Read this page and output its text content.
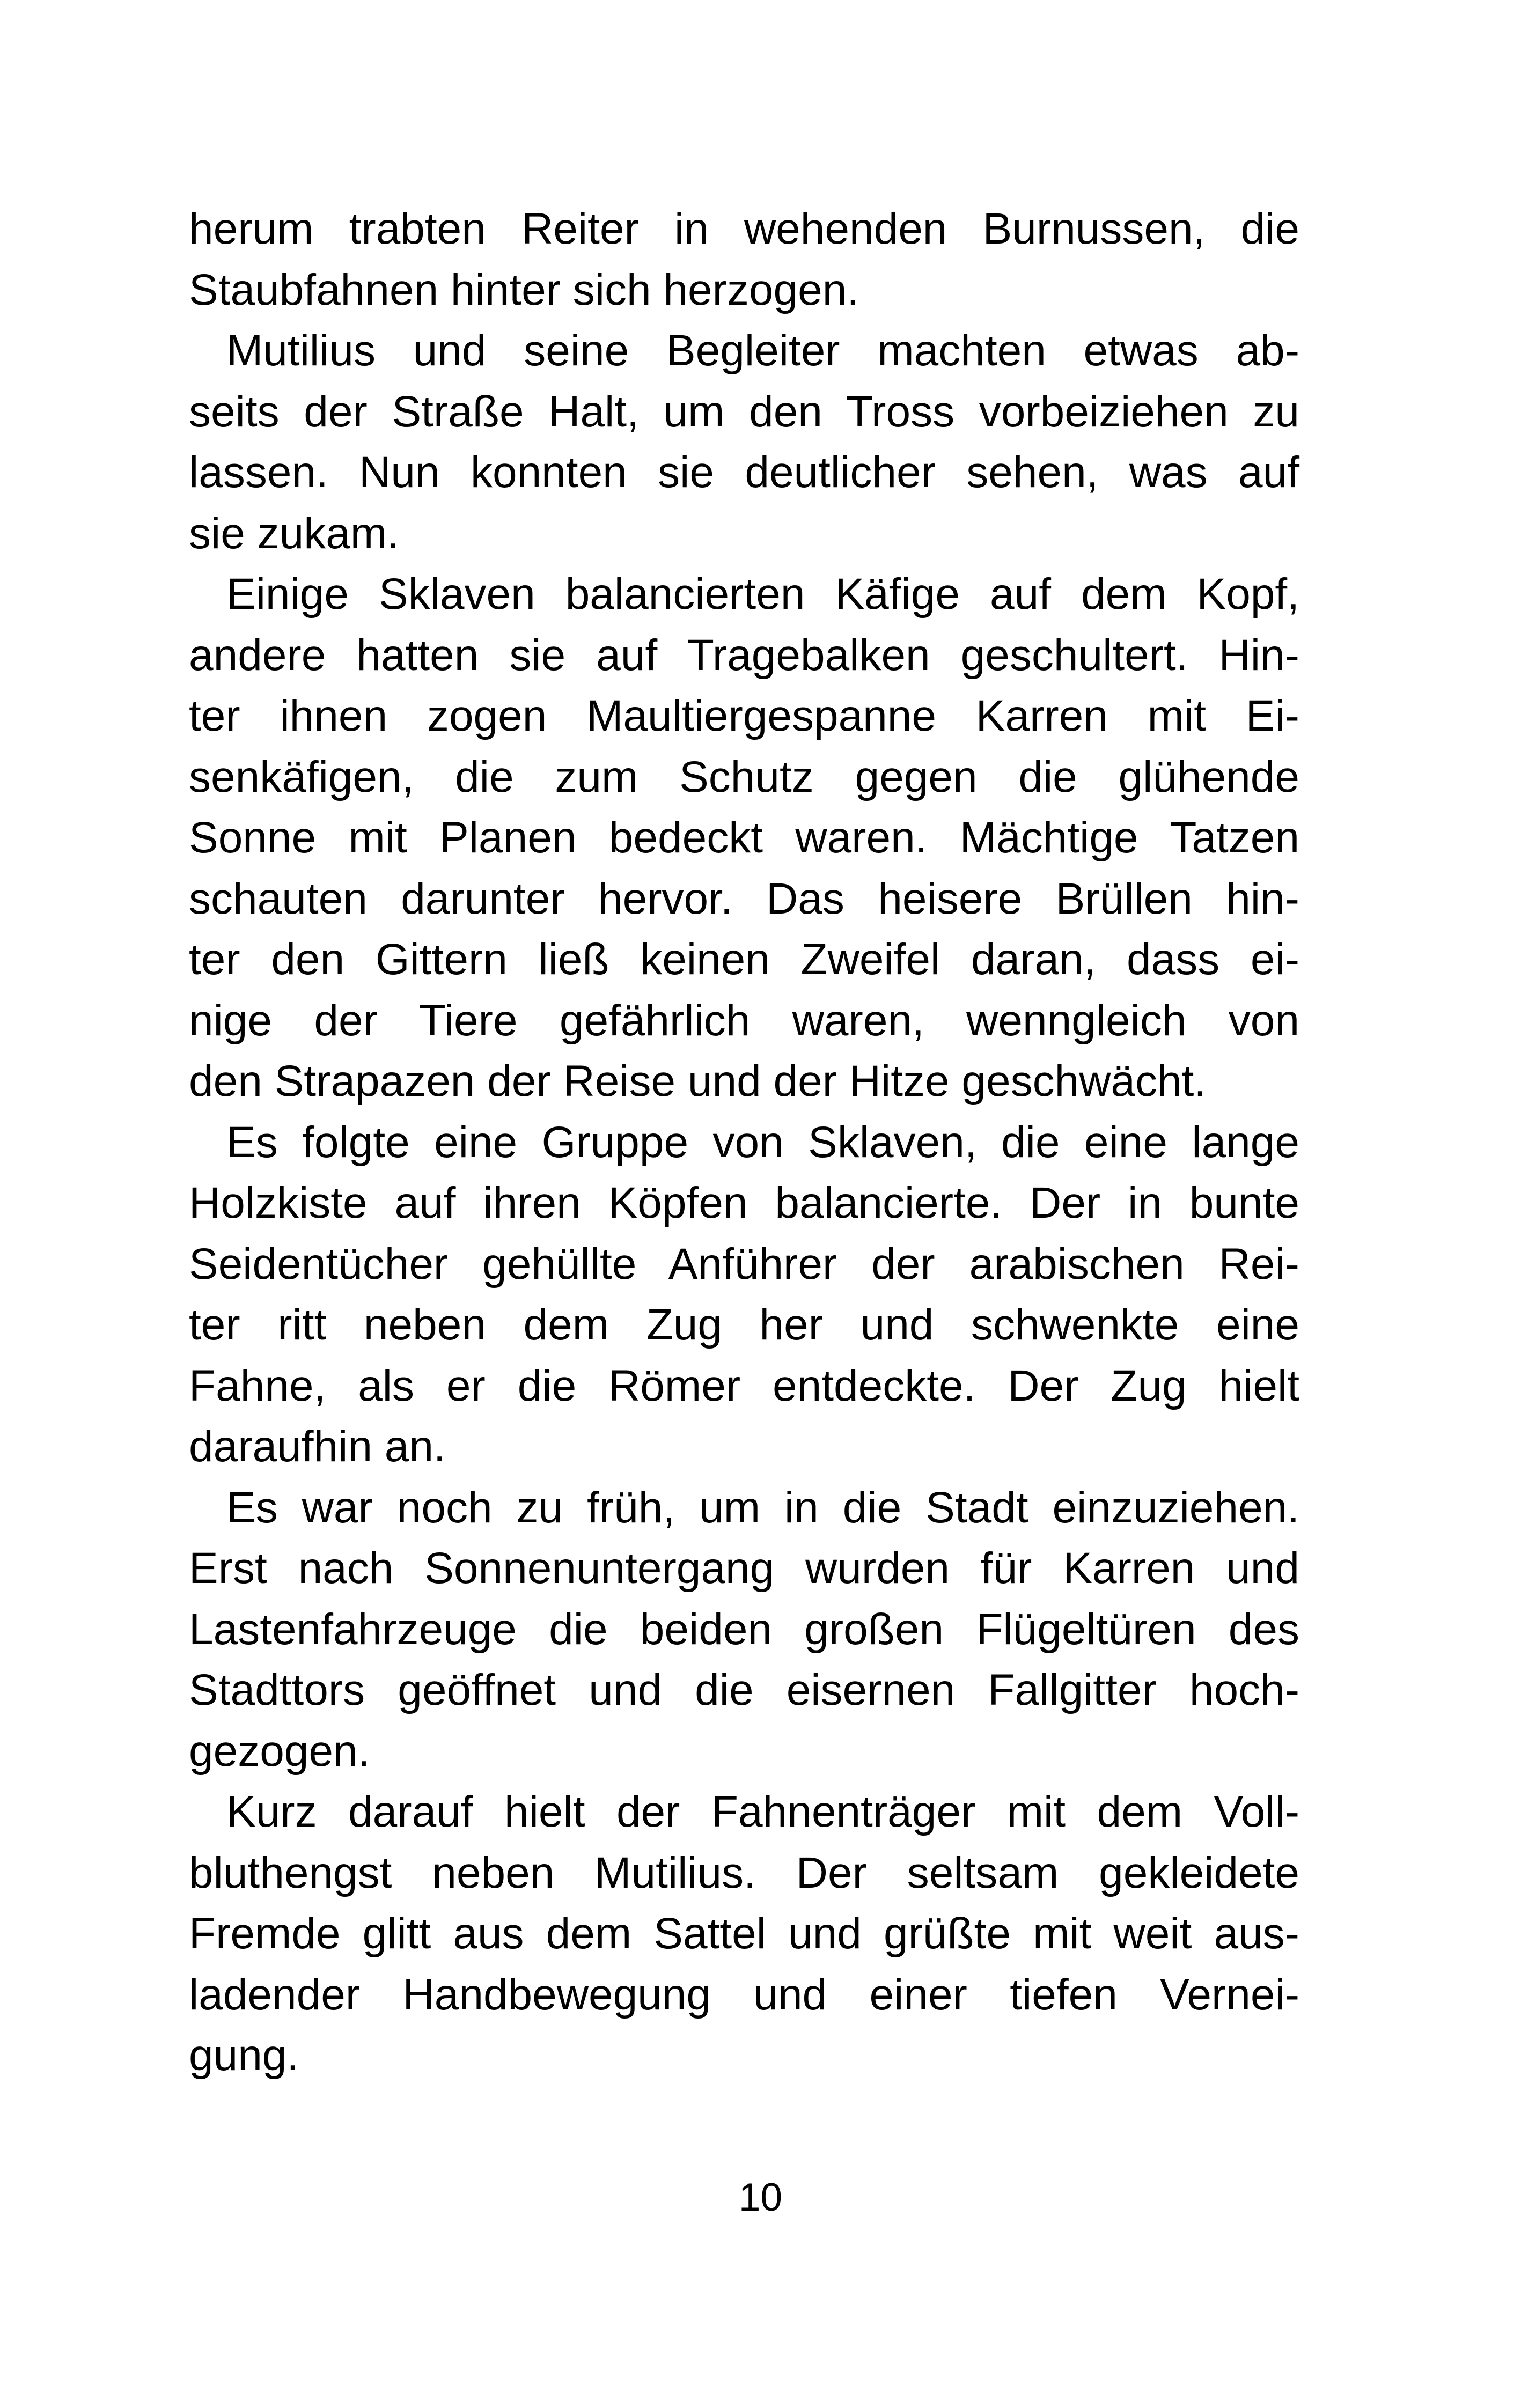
herum trabten Reiter in wehenden Burnussen, die
Staubfahnen hinter sich herzogen.
Mutilius und seine Begleiter machten etwas ab-
seits der Straße Halt, um den Tross vorbeiziehen zu
lassen. Nun konnten sie deutlicher sehen, was auf
sie zukam.
Einige Sklaven balancierten Käfige auf dem Kopf,
andere hatten sie auf Tragebalken geschultert. Hin-
ter ihnen zogen Maultiergespanne Karren mit Ei-
senkäfigen, die zum Schutz gegen die glühende
Sonne mit Planen bedeckt waren. Mächtige Tatzen
schauten darunter hervor. Das heisere Brüllen hin-
ter den Gittern ließ keinen Zweifel daran, dass ei-
nige der Tiere gefährlich waren, wenngleich von
den Strapazen der Reise und der Hitze geschwächt.
Es folgte eine Gruppe von Sklaven, die eine lange
Holzkiste auf ihren Köpfen balancierte. Der in bunte
Seidentücher gehüllte Anführer der arabischen Rei-
ter ritt neben dem Zug her und schwenkte eine
Fahne, als er die Römer entdeckte. Der Zug hielt
daraufhin an.
Es war noch zu früh, um in die Stadt einzuziehen.
Erst nach Sonnenuntergang wurden für Karren und
Lastenfahrzeuge die beiden großen Flügeltüren des
Stadttors geöffnet und die eisernen Fallgitter hoch-
gezogen.
Kurz darauf hielt der Fahnenträger mit dem Voll-
bluthengst neben Mutilius. Der seltsam gekleidete
Fremde glitt aus dem Sattel und grüßte mit weit aus-
ladender Handbewegung und einer tiefen Vernei-
gung.
10
